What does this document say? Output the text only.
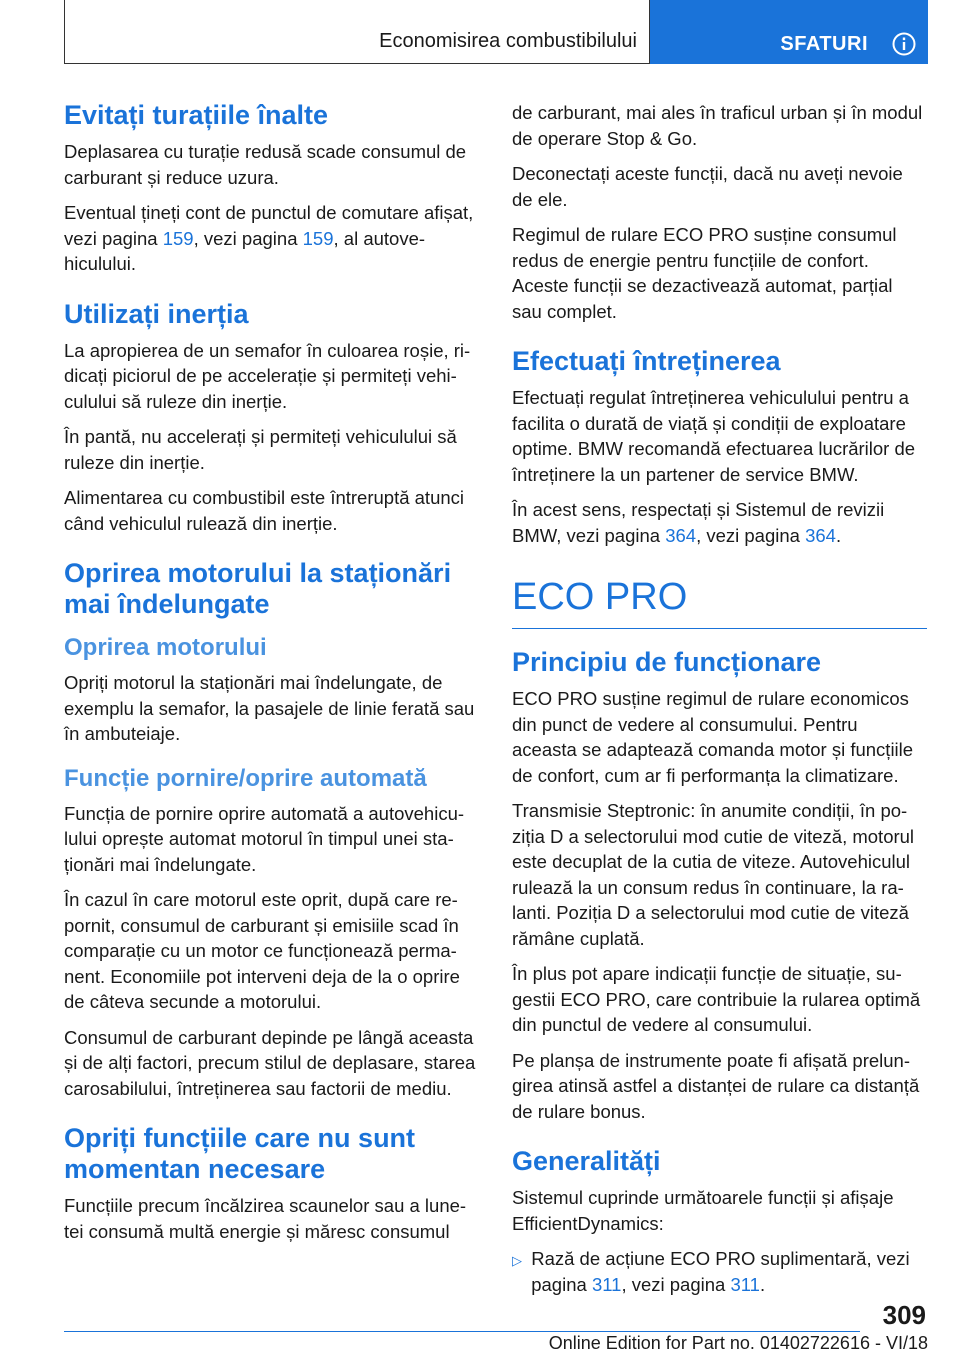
Economisirea combustibilului	SFATURI
Evitați turațiile înalte

Deplasarea cu turație redusă scade consumul de carburant și reduce uzura.

Eventual țineți cont de punctul de comutare afișat, vezi pagina 159, vezi pagina 159, al autovehiculului.

Utilizați inerția

La apropierea de un semafor în culoarea roșie, ridicați piciorul de pe accelerație și permiteți vehiculului să ruleze din inerție.

În pantă, nu accelerați și permiteți vehiculului să ruleze din inerție.

Alimentarea cu combustibil este întreruptă atunci când vehiculul rulează din inerție.

Oprirea motorului la staționări mai îndelungate
Oprirea motorului

Opriți motorul la staționări mai îndelungate, de exemplu la semafor, la pasajele de linie ferată sau în ambuteiaje.

Funcție pornire/oprire automată

Funcția de pornire oprire automată a autovehiculului oprește automat motorul în timpul unei staționări mai îndelungate.

În cazul în care motorul este oprit, după care repornit, consumul de carburant și emisiile scad în comparație cu un motor ce funcționează permanent. Economiile pot interveni deja de la o oprire de câteva secunde a motorului.

Consumul de carburant depinde pe lângă aceasta și de alți factori, precum stilul de deplasare, starea carosabilului, întreținerea sau factorii de mediu.

Opriți funcțiile care nu sunt momentan necesare

Funcțiile precum încălzirea scaunelor sau a lunetei consumă multă energie și măresc consumul

de carburant, mai ales în traficul urban și în modul de operare Stop & Go.

Deconectați aceste funcții, dacă nu aveți nevoie de ele.

Regimul de rulare ECO PRO susține consumul redus de energie pentru funcțiile de confort. Aceste funcții se dezactivează automat, parțial sau complet.

Efectuați întreținerea

Efectuați regulat întreținerea vehiculului pentru a facilita o durată de viață și condiții de exploatare optime. BMW recomandă efectuarea lucrărilor de întreținere la un partener de service BMW.

În acest sens, respectați și Sistemul de revizii BMW, vezi pagina 364, vezi pagina 364.

ECO PRO
Principiu de funcționare

ECO PRO susține regimul de rulare economicos din punct de vedere al consumului. Pentru aceasta se adaptează comanda motor și funcțiile de confort, cum ar fi performanța la climatizare.

Transmisie Steptronic: în anumite condiții, în poziția D a selectorului mod cutie de viteză, motorul este decuplat de la cutia de viteze. Autovehiculul rulează la un consum redus în continuare, la ralanti. Poziția D a selectorului mod cutie de viteză rămâne cuplată.

În plus pot apare indicații funcție de situație, sugestii ECO PRO, care contribuie la rularea optimă din punctul de vedere al consumului.

Pe planșa de instrumente poate fi afișată prelungirea atinsă astfel a distanței de rulare ca distanță de rulare bonus.

Generalități

Sistemul cuprinde următoarele funcții și afișaje EfficientDynamics:

▷ Rază de acțiune ECO PRO suplimentară, vezi pagina 311, vezi pagina 311.
309
Online Edition for Part no. 01402722616 - VI/18
